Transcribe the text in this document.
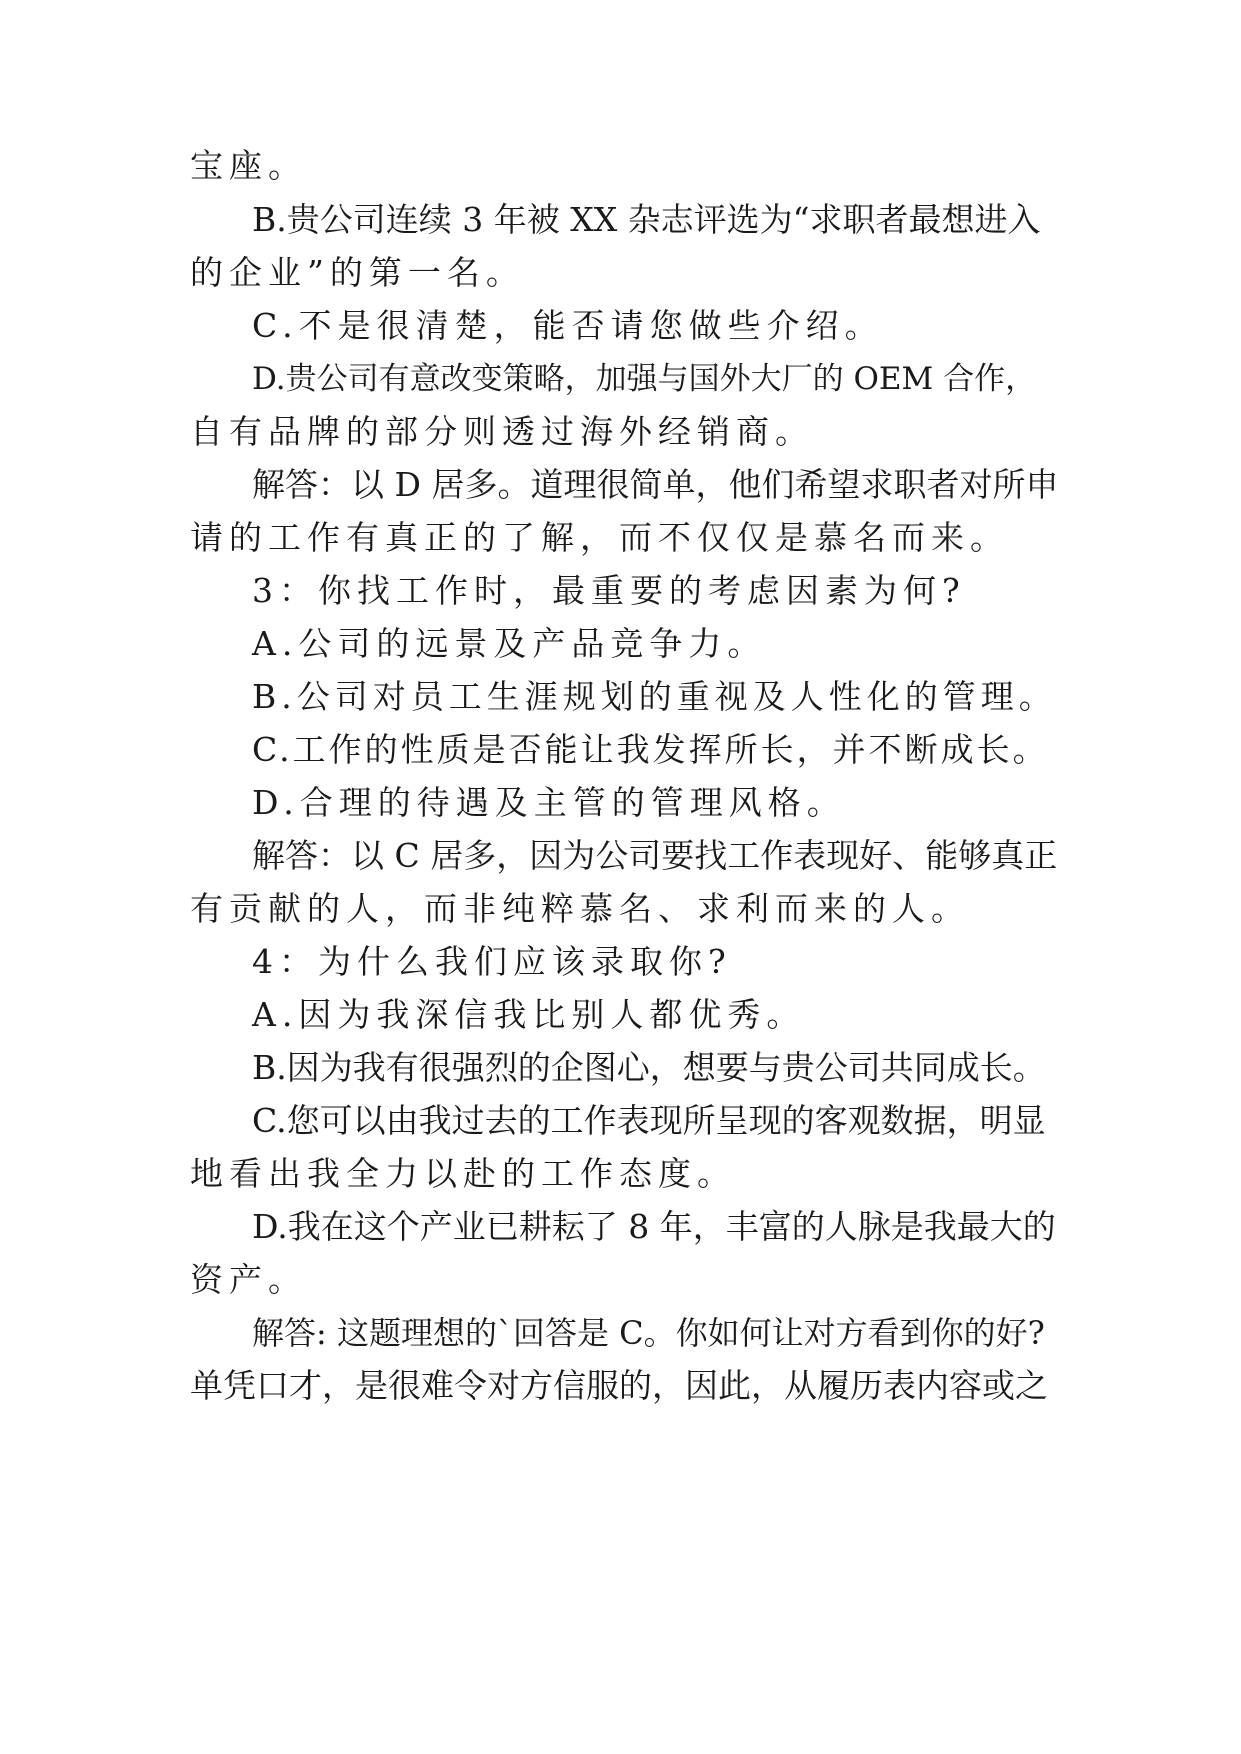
宝座。
B.贵公司连续 3 年被 XX 杂志评选为“求职者最想进入
的企业”的第一名。
C.不是很清楚，能否请您做些介绍。
D.贵公司有意改变策略，加强与国外大厂的 OEM 合作，
自有品牌的部分则透过海外经销商。
解答：以 D 居多。道理很简单，他们希望求职者对所申
请的工作有真正的了解，而不仅仅是慕名而来。
3：你找工作时，最重要的考虑因素为何?
A.公司的远景及产品竞争力。
B.公司对员工生涯规划的重视及人性化的管理。
C.工作的性质是否能让我发挥所长，并不断成长。
D.合理的待遇及主管的管理风格。
解答：以 C 居多，因为公司要找工作表现好、能够真正
有贡献的人，而非纯粹慕名、求利而来的人。
4：为什么我们应该录取你?
A.因为我深信我比别人都优秀。
B.因为我有很强烈的企图心，想要与贵公司共同成长。
C.您可以由我过去的工作表现所呈现的客观数据，明显
地看出我全力以赴的工作态度。
D.我在这个产业已耕耘了 8 年，丰富的人脉是我最大的
资产。
解答: 这题理想的`回答是 C。你如何让对方看到你的好?
单凭口才，是很难令对方信服的，因此，从履历表内容或之
